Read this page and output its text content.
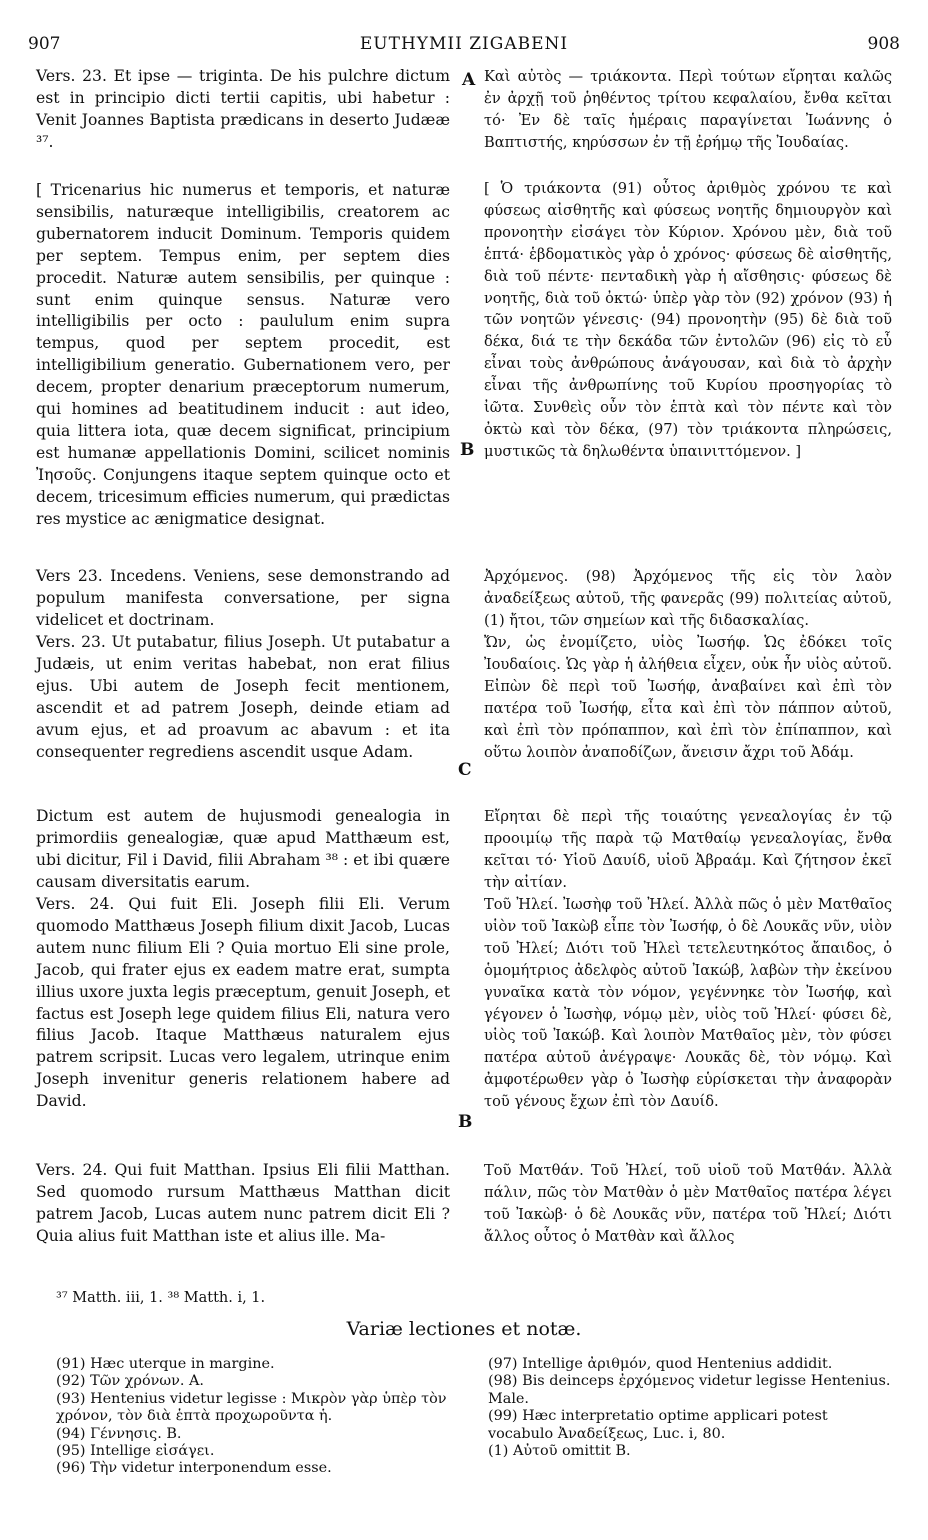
907	EUTHYMII ZIGABENI	908
A
B
C
B

Vers. 23. Et ipse — triginta. De his pulchre dictum est in principio dicti tertii capitis, ubi habetur : Venit Joannes Baptista prædicans in deserto Judææ ³⁷.

[ Tricenarius hic numerus et temporis, et naturæ sensibilis, naturæque intelligibilis, creatorem ac gubernatorem inducit Dominum. Temporis quidem per septem. Tempus enim, per septem dies procedit. Naturæ autem sensibilis, per quinque : sunt enim quinque sensus. Naturæ vero intelligibilis per octo : paululum enim supra tempus, quod per septem procedit, est intelligibilium generatio. Gubernationem vero, per decem, propter denarium præceptorum numerum, qui homines ad beatitudinem inducit : aut ideo, quia littera iota, quæ decem significat, principium est humanæ appellationis Domini, scilicet nominis Ἰησοῦς. Conjungens itaque septem quinque octo et decem, tricesimum efficies numerum, qui prædictas res mystice ac ænigmatice designat.

Vers 23. Incedens. Veniens, sese demonstrando ad populum manifesta conversatione, per signa videlicet et doctrinam.

Vers. 23. Ut putabatur, filius Joseph. Ut putabatur a Judæis, ut enim veritas habebat, non erat filius ejus. Ubi autem de Joseph fecit mentionem, ascendit et ad patrem Joseph, deinde etiam ad avum ejus, et ad proavum ac abavum : et ita consequenter regrediens ascendit usque Adam.

Dictum est autem de hujusmodi genealogia in primordiis genealogiæ, quæ apud Matthæum est, ubi dicitur, Fil i David, filii Abraham ³⁸ : et ibi quære causam diversitatis earum.

Vers. 24. Qui fuit Eli. Joseph filii Eli. Verum quomodo Matthæus Joseph filium dixit Jacob, Lucas autem nunc filium Eli ? Quia mortuo Eli sine prole, Jacob, qui frater ejus ex eadem matre erat, sumpta illius uxore juxta legis præceptum, genuit Joseph, et factus est Joseph lege quidem filius Eli, natura vero filius Jacob. Itaque Matthæus naturalem ejus patrem scripsit. Lucas vero legalem, utrinque enim Joseph invenitur generis relationem habere ad David.

Vers. 24. Qui fuit Matthan. Ipsius Eli filii Matthan. Sed quomodo rursum Matthæus Matthan dicit patrem Jacob, Lucas autem nunc patrem dicit Eli ? Quia alius fuit Matthan iste et alius ille. Ma-

Καὶ αὐτὸς — τριάκοντα. Περὶ τούτων εἴρηται καλῶς ἐν ἀρχῇ τοῦ ῥηθέντος τρίτου κεφαλαίου, ἔνθα κεῖται τό· Ἐν δὲ ταῖς ἡμέραις παραγίνεται Ἰωάννης ὁ Βαπτιστής, κηρύσσων ἐν τῇ ἐρήμῳ τῆς Ἰουδαίας.

[ Ὁ τριάκοντα (91) οὗτος ἀριθμὸς χρόνου τε καὶ φύσεως αἰσθητῆς καὶ φύσεως νοητῆς δημιουργὸν καὶ προνοητὴν εἰσάγει τὸν Κύριον. Χρόνου μὲν, διὰ τοῦ ἑπτά· ἑβδοματικὸς γὰρ ὁ χρόνος· φύσεως δὲ αἰσθητῆς, διὰ τοῦ πέντε· πενταδικὴ γὰρ ἡ αἴσθησις· φύσεως δὲ νοητῆς, διὰ τοῦ ὀκτώ· ὑπὲρ γὰρ τὸν (92) χρόνον (93) ἡ τῶν νοητῶν γένεσις· (94) προνοητὴν (95) δὲ διὰ τοῦ δέκα, διά τε τὴν δεκάδα τῶν ἐντολῶν (96) εἰς τὸ εὖ εἶναι τοὺς ἀνθρώπους ἀνάγουσαν, καὶ διὰ τὸ ἀρχὴν εἶναι τῆς ἀνθρωπίνης τοῦ Κυρίου προσηγορίας τὸ ἰῶτα. Συνθεὶς οὖν τὸν ἑπτὰ καὶ τὸν πέντε καὶ τὸν ὀκτὼ καὶ τὸν δέκα, (97) τὸν τριάκοντα πληρώσεις, μυστικῶς τὰ δηλωθέντα ὑπαινιττόμενον. ]

Ἀρχόμενος. (98) Ἀρχόμενος τῆς εἰς τὸν λαὸν ἀναδείξεως αὐτοῦ, τῆς φανερᾶς (99) πολιτείας αὐτοῦ, (1) ἤτοι, τῶν σημείων καὶ τῆς διδασκαλίας.

Ὤν, ὡς ἐνομίζετο, υἱὸς Ἰωσήφ. Ὡς ἐδόκει τοῖς Ἰουδαίοις. Ὡς γὰρ ἡ ἀλήθεια εἶχεν, οὐκ ἦν υἱὸς αὐτοῦ. Εἰπὼν δὲ περὶ τοῦ Ἰωσήφ, ἀναβαίνει καὶ ἐπὶ τὸν πατέρα τοῦ Ἰωσήφ, εἶτα καὶ ἐπὶ τὸν πάππον αὐτοῦ, καὶ ἐπὶ τὸν πρόπαππον, καὶ ἐπὶ τὸν ἐπίπαππον, καὶ οὕτω λοιπὸν ἀναποδίζων, ἄνεισιν ἄχρι τοῦ Ἀδάμ.

Εἴρηται δὲ περὶ τῆς τοιαύτης γενεαλογίας ἐν τῷ προοιμίῳ τῆς παρὰ τῷ Ματθαίῳ γενεαλογίας, ἔνθα κεῖται τό· Υἱοῦ Δαυίδ, υἱοῦ Ἀβραάμ. Καὶ ζήτησον ἐκεῖ τὴν αἰτίαν.

Τοῦ Ἠλεί. Ἰωσὴφ τοῦ Ἠλεί. Ἀλλὰ πῶς ὁ μὲν Ματθαῖος υἱὸν τοῦ Ἰακὼβ εἶπε τὸν Ἰωσήφ, ὁ δὲ Λουκᾶς νῦν, υἱὸν τοῦ Ἠλεί; Διότι τοῦ Ἠλεὶ τετελευτηκότος ἄπαιδος, ὁ ὁμομήτριος ἀδελφὸς αὐτοῦ Ἰακώβ, λαβὼν τὴν ἐκείνου γυναῖκα κατὰ τὸν νόμον, γεγέννηκε τὸν Ἰωσήφ, καὶ γέγονεν ὁ Ἰωσὴφ, νόμῳ μὲν, υἱὸς τοῦ Ἠλεί· φύσει δὲ, υἱὸς τοῦ Ἰακώβ. Καὶ λοιπὸν Ματθαῖος μὲν, τὸν φύσει πατέρα αὐτοῦ ἀνέγραψε· Λουκᾶς δὲ, τὸν νόμῳ. Καὶ ἀμφοτέρωθεν γὰρ ὁ Ἰωσὴφ εὑρίσκεται τὴν ἀναφορὰν τοῦ γένους ἔχων ἐπὶ τὸν Δαυίδ.

Τοῦ Ματθάν. Τοῦ Ἠλεί, τοῦ υἱοῦ τοῦ Ματθάν. Ἀλλὰ πάλιν, πῶς τὸν Ματθὰν ὁ μὲν Ματθαῖος πατέρα λέγει τοῦ Ἰακὼβ· ὁ δὲ Λουκᾶς νῦν, πατέρα τοῦ Ἠλεί; Διότι ἄλλος οὗτος ὁ Ματθὰν καὶ ἄλλος

³⁷ Matth. iii, 1. ³⁸ Matth. i, 1.
Variæ lectiones et notæ.
(91) Hæc uterque in margine.
(92) Τῶν χρόνων. A.
(93) Hentenius videtur legisse : Μικρὸν γὰρ ὑπὲρ τὸν χρόνον, τὸν διὰ ἑπτὰ προχωροῦντα ἡ.
(94) Γέννησις. B.
(95) Intellige εἰσάγει.
(96) Τὴν videtur interponendum esse.
(97) Intellige ἀριθμόν, quod Hentenius addidit.
(98) Bis deinceps ἐρχόμενος videtur legisse Hentenius. Male.
(99) Hæc interpretatio optime applicari potest vocabulo Ἀναδείξεως, Luc. i, 80.
(1) Αὐτοῦ omittit B.
